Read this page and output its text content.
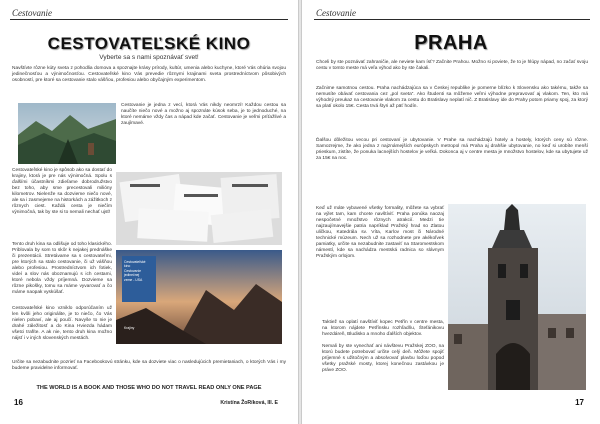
Cestovanie
CESTOVATEĽSKÉ KINO
Vyberte sa s nami spoznávať svet!

Navštívte rôzne kúty sveta z pohodlia domova a spoznajte krásy prírody, kultúr, umenia alebo kuchyne, ktoré Vás ohúria svojou jedinečnosťou a výnimočnosťou. Cestovateľské kino Vás prevedie rôznymi krajinami sveta prostredníctvom pôsobivých osobností, pre ktoré sa cestovanie stalo vášňou, profesiou alebo obyčajným experimentom.

Cestovanie je jedna z vecí, ktorá Vás nikdy neomrzí! Každou cestou sa naučíte niečo nové a možno aj spoznáte kúsok seba, je to jednoduché, na ktoré nemáme vždy čas a nápad kde začať. Cestovanie je veľmi príťažlivé a zaujímavé.

Cestovateľské kino je spôsob ako sa dostať do krajiny, ktorá je pre nás výnimočná. Spolu s ďalšími účastníkmi zdieľame dobrodružstvo bez toho, aby sme precestovali milióny kilometrov. Nielenže sa dozvieme niečo nové, ale sa i zasmejeme na historkách a zážitkoch z rôznych ciest. Každá cesta je niečím výnimočná, tak by ste si to nemali nechať ujsť!

Tento druh kina sa odlišuje od toho klasického. Priblovala by som to skôr k nejakej prednáške či prezentácii. Stretávame sa s cestovateľmi, pre ktorých sa stalo cestovanie, či už vášňou alebo profesiou. Prostredníctvom ich fotiek, videí a slov nás oboznamujú s ich cestami, ktoré nebola vždy príjemná. Dozvieme sa rôzne pikošky, tomu sa máme vyvarovať a čo máme naopak vyskúšať.

Cestovateľské
kino
Cestovanie
jedinečnej
zeme - USA
Krajiny

Cestovateľské kino vzniklo odporúčaním už len kvôli jeho originálite, je to niečo, čo Vás nielen pobaví, ale aj poučí. Navyše to nie je drahé záležitosť a do Kina Hviezda hádam všetci trafíte. A ak nie, tento druh kina možno nájsť i v iných slovenských mestách.

Určite sa nezabudnite pozrieť na Facebookovú stránku, kde sa dozviete viac o nasledujúcich premietaniach, o ktorých Vás i my budeme pravidelne informovať.

THE WORLD IS A BOOK AND THOSE WHO DO NOT TRAVEL READ ONLY ONE PAGE
16	Kristína ŽoRíková, III. E
Cestovanie
PRAHA

Chceli by ste poznávať zahraničie, ale neviete kam ísť? Začnite Prahou. Možno si poviete, že to je hlúpy nápad, no začať svoju cestu v tomto meste má veľa výhod ako by ste čakali.

Začnime samotnou cestou. Praha nachádzajúca sa v Českej republike je pomerne blízko k Slovensku ako takému, takže sa nemusíte obávať cestovania cez „pol sveta“. Ako študenti sa môžeme veľmi výhodne prepravovať aj vlakom. Ten, kto má výhodný preukaz na cestovanie vlakom za cestu do Bratislavy neplatí nič. Z Bratislavy ide do Prahy potom priamy spoj, za ktorý sa platí okolo 15€. Cesta trvá štyri až päť hodín.

Ďalšou dôležitou vecou pri cestovaní je ubytovanie. V Prahe sa nachádzajú hotely a hostely, ktorých ceny sú rôzne. Samozrejme, že ako jedna z najznámejších európskych metropol má Praha aj drahšie ubytovanie, no keď si urobíte menší prieskum, zistíte, že ponuka lacnejších hostelov je veľká. Dokonca aj v centre mesta je množstvo hostelov, kde sa ubytujete už za 15€ na noc.

Keď už máte vybavené všetky formality, môžete sa vybrať na výlet tam, kam chcete navštíviť. Praha ponúka naozaj nespočetné množstvo rôznych atrakcií. Medzi tie najzaujímavejšie patria napríklad Pražský hrad so Zlatou uličkou, Katedrála sv. Víta, Karlov most či Národné technické múzeum. Nech už sa rozhodnete pre akékoľvek pamiatky, určite sa nezabudnite zastaviť na Staromestskom námestí, kde sa nachádza mestská radnica so slávnym Pražským orlojom.

Taktiež sa oplatí navštíviť kopec Petřín v centre mesta, na ktorom nájdete Petřínsku rozhľadňu, Štefánikovu hvezdáreň, Bludisko a mnoho ďalších objektov.

Nemali by ste vynechať ani návštevu Pražskej ZOO, na ktorú budete potrebovať určite celý deň. Môžete spojiť príjemné s užitočným a absolvovať plavbu loďou popod všetky pražské mosty, ktorej konečnou zastávkou je práve ZOO.

17
